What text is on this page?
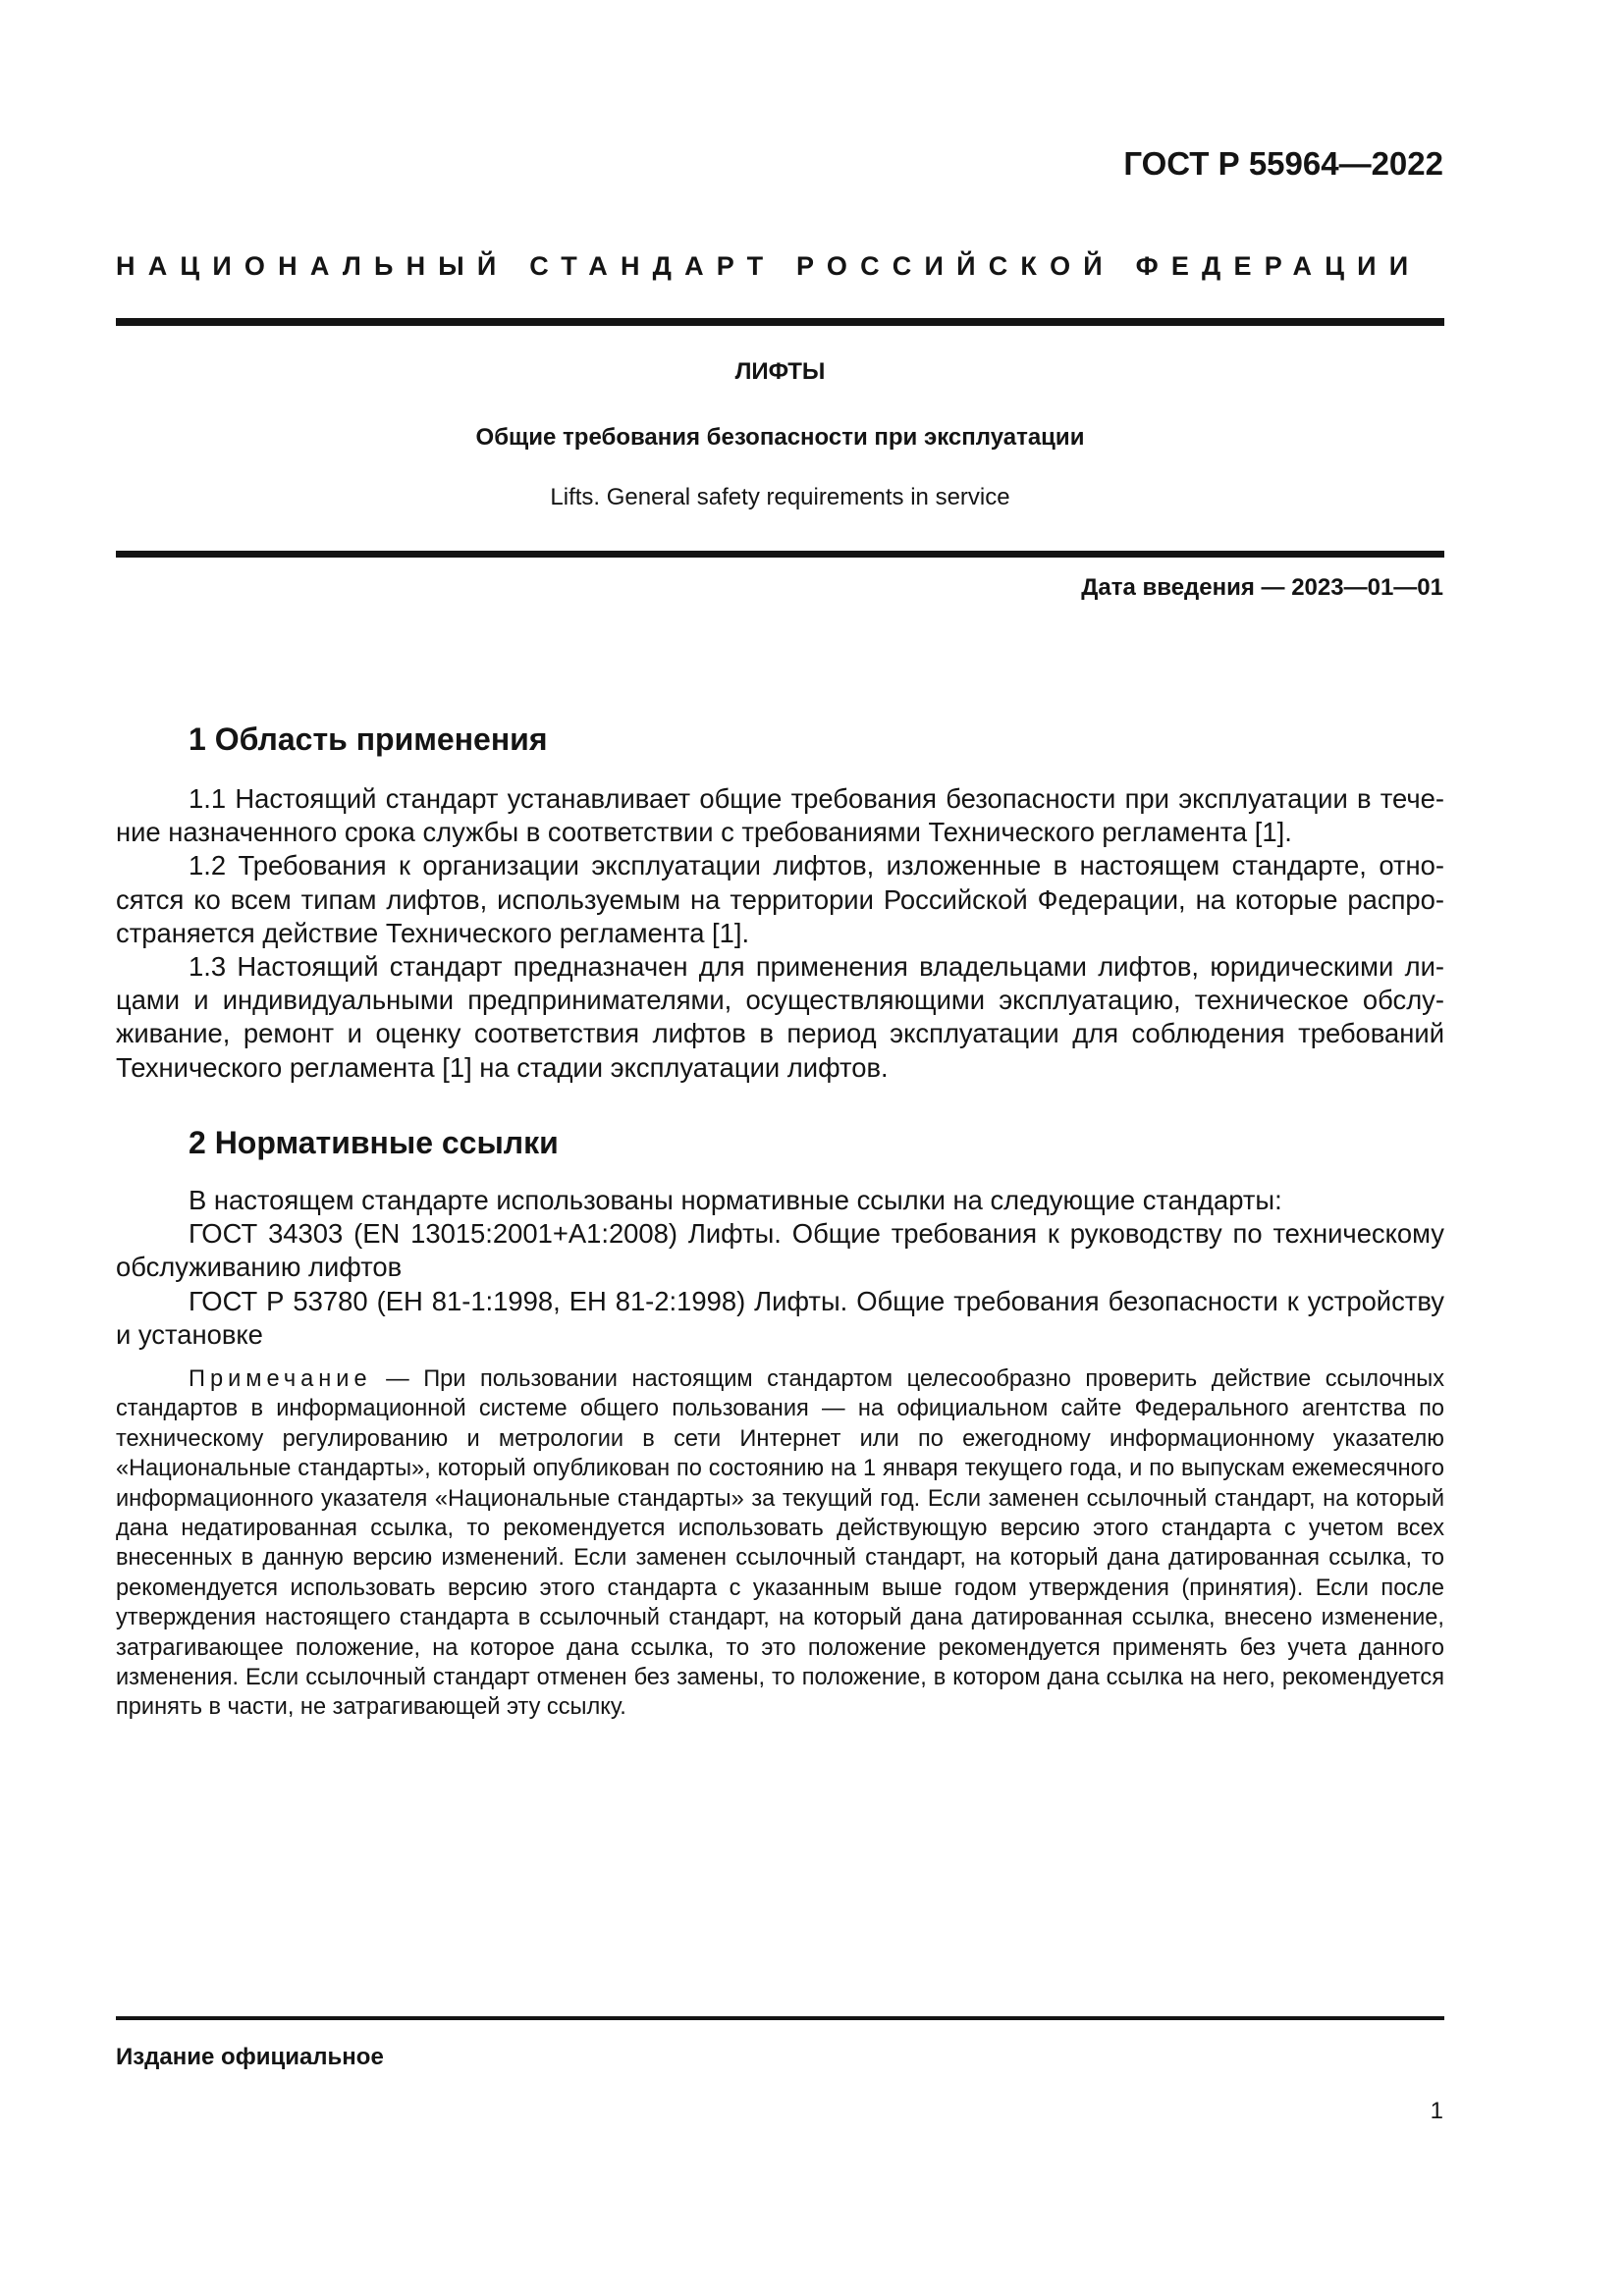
ГОСТ Р 55964—2022

НАЦИОНАЛЬНЫЙ СТАНДАРТ РОССИЙСКОЙ ФЕДЕРАЦИИ

ЛИФТЫ

Общие требования безопасности при эксплуатации

Lifts. General safety requirements in service

Дата введения — 2023—01—01

1 Область применения

1.1 Настоящий стандарт устанавливает общие требования безопасности при эксплуатации в течение назначенного срока службы в соответствии с требованиями Технического регламента [1].

1.2 Требования к организации эксплуатации лифтов, изложенные в настоящем стандарте, относятся ко всем типам лифтов, используемым на территории Российской Федерации, на которые распространяется действие Технического регламента [1].

1.3 Настоящий стандарт предназначен для применения владельцами лифтов, юридическими лицами и индивидуальными предпринимателями, осуществляющими эксплуатацию, техническое обслуживание, ремонт и оценку соответствия лифтов в период эксплуатации для соблюдения требований Технического регламента [1] на стадии эксплуатации лифтов.

2 Нормативные ссылки

В настоящем стандарте использованы нормативные ссылки на следующие стандарты:

ГОСТ 34303 (EN 13015:2001+A1:2008) Лифты. Общие требования к руководству по техническому обслуживанию лифтов

ГОСТ Р 53780 (ЕН 81-1:1998, ЕН 81-2:1998) Лифты. Общие требования безопасности к устройству и установке

Примечание — При пользовании настоящим стандартом целесообразно проверить действие ссылочных стандартов в информационной системе общего пользования — на официальном сайте Федерального агентства по техническому регулированию и метрологии в сети Интернет или по ежегодному информационному указателю «Национальные стандарты», который опубликован по состоянию на 1 января текущего года, и по выпускам ежемесячного информационного указателя «Национальные стандарты» за текущий год. Если заменен ссылочный стандарт, на который дана недатированная ссылка, то рекомендуется использовать действующую версию этого стандарта с учетом всех внесенных в данную версию изменений. Если заменен ссылочный стандарт, на который дана датированная ссылка, то рекомендуется использовать версию этого стандарта с указанным выше годом утверждения (принятия). Если после утверждения настоящего стандарта в ссылочный стандарт, на который дана датированная ссылка, внесено изменение, затрагивающее положение, на которое дана ссылка, то это положение рекомендуется применять без учета данного изменения. Если ссылочный стандарт отменен без замены, то положение, в котором дана ссылка на него, рекомендуется принять в части, не затрагивающей эту ссылку.

Издание официальное

1
